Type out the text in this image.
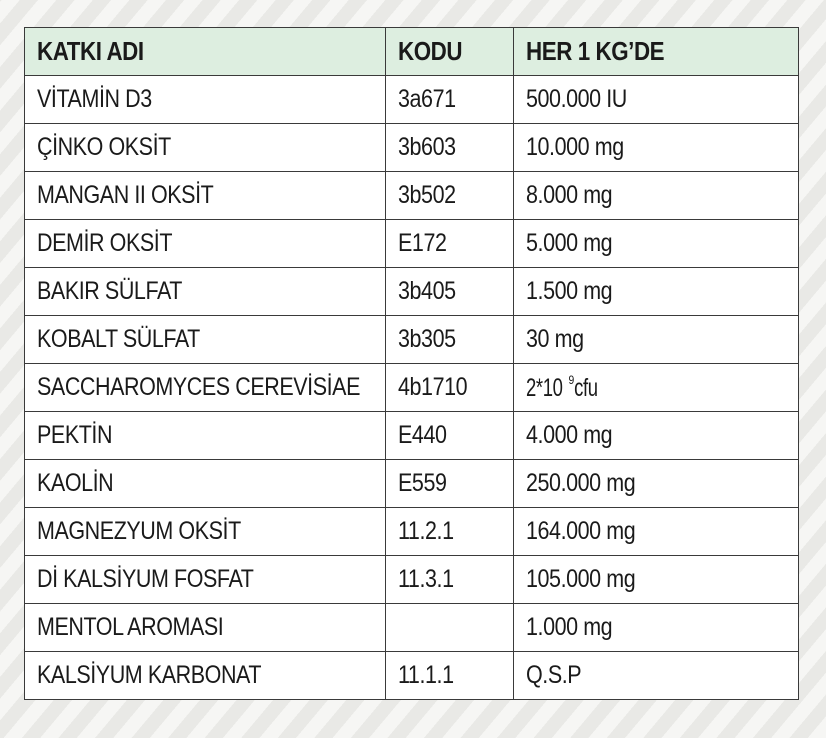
KATKI ADI	KODU	HER 1 KG’DE
VİTAMİN D3	3a671	500.000 IU
ÇİNKO OKSİT	3b603	10.000 mg
MANGAN II OKSİT	3b502	8.000 mg
DEMİR OKSİT	E172	5.000 mg
BAKIR SÜLFAT	3b405	1.500 mg
KOBALT SÜLFAT	3b305	30 mg
SACCHAROMYCES CEREVİSİAE	4b1710	2*10 $^9$cfu
PEKTİN	E440	4.000 mg
KAOLİN	E559	250.000 mg
MAGNEZYUM OKSİT	11.2.1	164.000 mg
Dİ KALSİYUM FOSFAT	11.3.1	105.000 mg
MENTOL AROMASI		1.000 mg
KALSİYUM KARBONAT	11.1.1	Q.S.P
